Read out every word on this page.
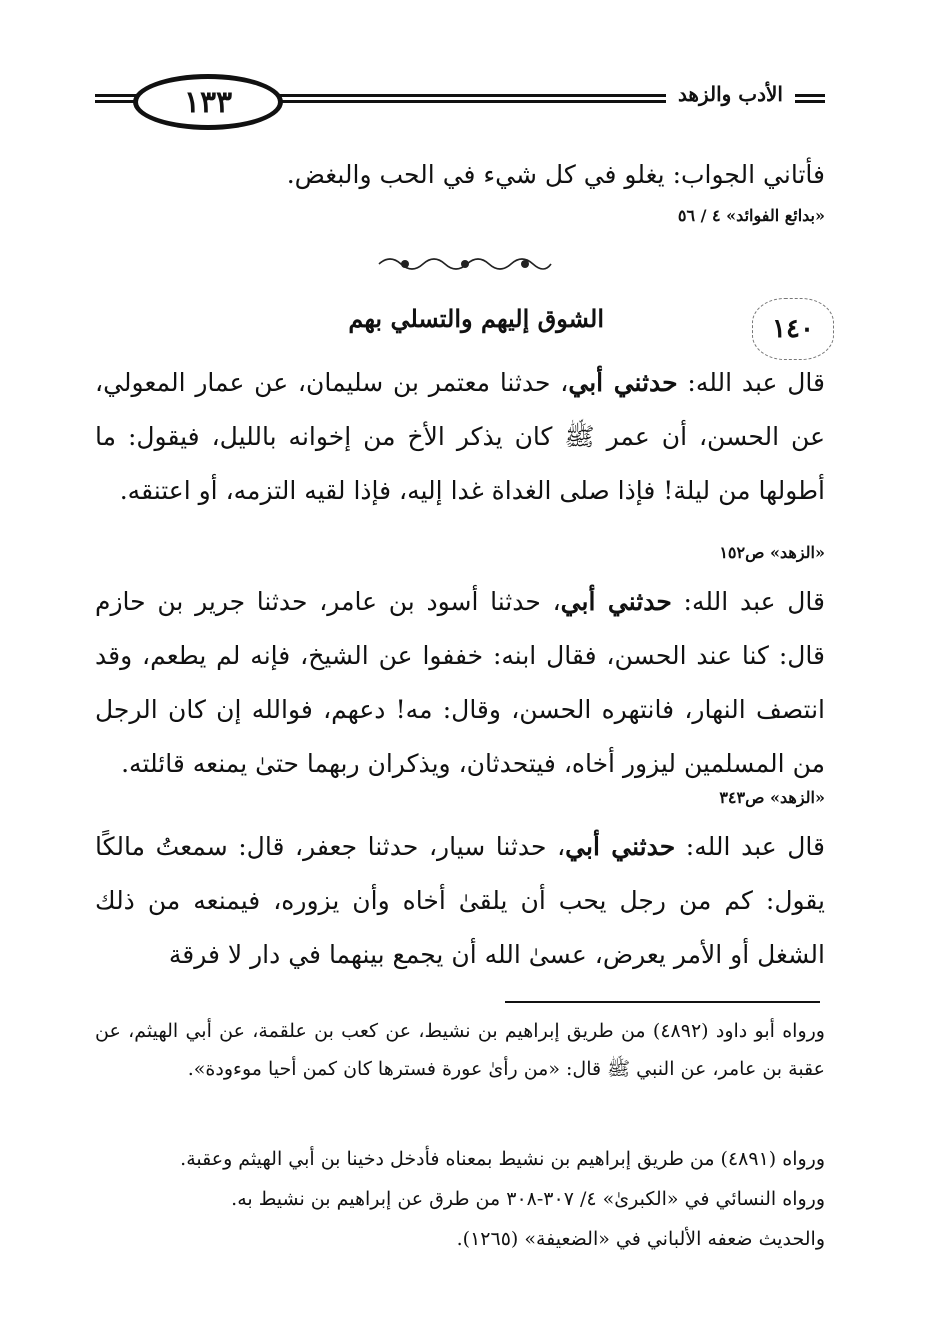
١٣٣	الأدب والزهد
فأتاني الجواب: يغلو في كل شيء في الحب والبغض.
«بدائع الفوائد» ٤ / ٥٦
١٤٠
الشوق إليهم والتسلي بهم
قال عبد الله: حدثني أبي، حدثنا معتمر بن سليمان، عن عمار المعولي، عن الحسن، أن عمر ﷺ كان يذكر الأخ من إخوانه بالليل، فيقول: ما أطولها من ليلة! فإذا صلى الغداة غدا إليه، فإذا لقيه التزمه، أو اعتنقه.
«الزهد» ص١٥٢
قال عبد الله: حدثني أبي، حدثنا أسود بن عامر، حدثنا جرير بن حازم قال: كنا عند الحسن، فقال ابنه: خففوا عن الشيخ، فإنه لم يطعم، وقد انتصف النهار، فانتهره الحسن، وقال: مه! دعهم، فوالله إن كان الرجل من المسلمين ليزور أخاه، فيتحدثان، ويذكران ربهما حتىٰ يمنعه قائلته.
«الزهد» ص٣٤٣
قال عبد الله: حدثني أبي، حدثنا سيار، حدثنا جعفر، قال: سمعتُ مالكًا يقول: كم من رجل يحب أن يلقىٰ أخاه وأن يزوره، فيمنعه من ذلك الشغل أو الأمر يعرض، عسىٰ الله أن يجمع بينهما في دار لا فرقة
ورواه أبو داود (٤٨٩٢) من طريق إبراهيم بن نشيط، عن كعب بن علقمة، عن أبي الهيثم، عن عقبة بن عامر، عن النبي ﷺ قال: «من رأىٰ عورة فسترها كان كمن أحيا موءودة».
ورواه (٤٨٩١) من طريق إبراهيم بن نشيط بمعناه فأدخل دخينا بن أبي الهيثم وعقبة.
ورواه النسائي في «الكبرىٰ» ٤/ ٣٠٧-٣٠٨ من طرق عن إبراهيم بن نشيط به.
والحديث ضعفه الألباني في «الضعيفة» (١٢٦٥).
